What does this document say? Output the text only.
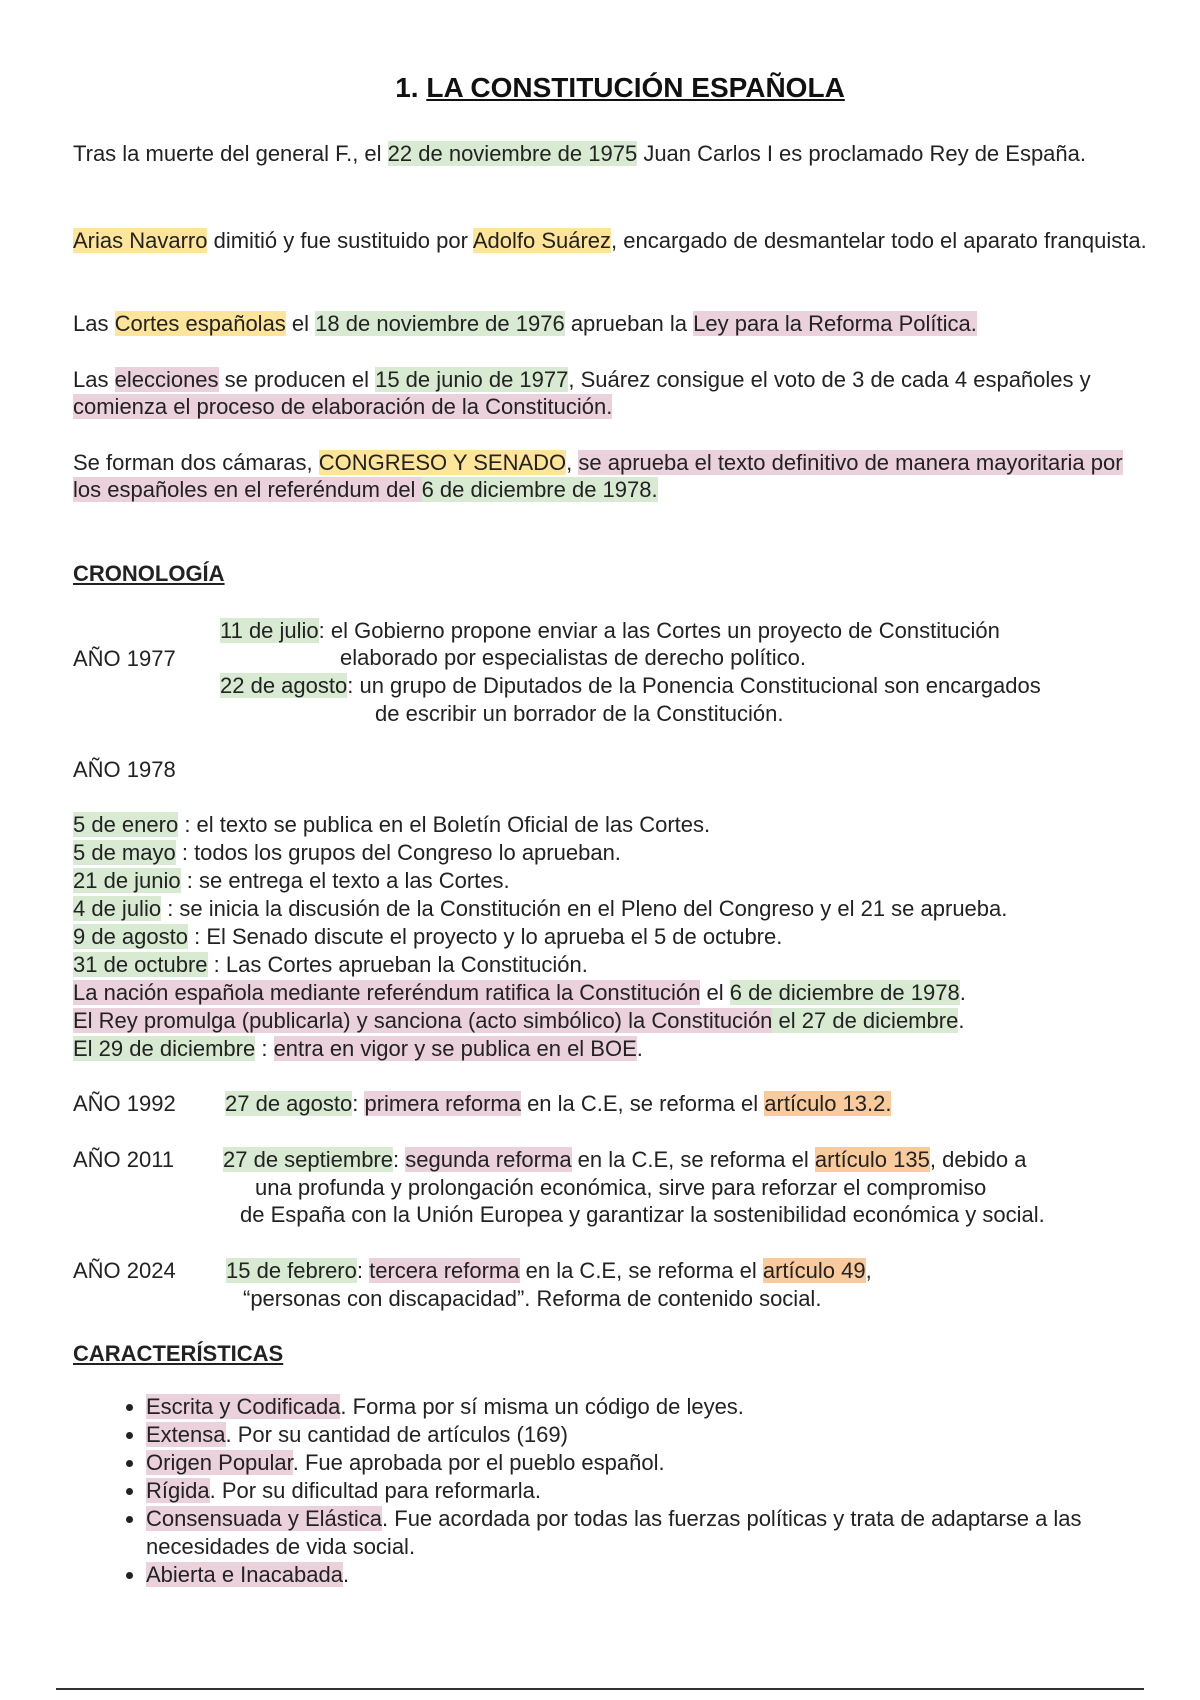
1. LA CONSTITUCIÓN ESPAÑOLA

Tras la muerte del general F., el 22 de noviembre de 1975 Juan Carlos I es proclamado Rey de España.

Arias Navarro dimitió y fue sustituido por Adolfo Suárez, encargado de desmantelar todo el aparato franquista.

Las Cortes españolas el 18 de noviembre de 1976 aprueban la Ley para la Reforma Política.

Las elecciones se producen el 15 de junio de 1977, Suárez consigue el voto de 3 de cada 4 españoles y comienza el proceso de elaboración de la Constitución.

Se forman dos cámaras, CONGRESO Y SENADO, se aprueba el texto definitivo de manera mayoritaria por los españoles en el referéndum del 6 de diciembre de 1978.

CRONOLOGÍA

AÑO 1977

11 de julio: el Gobierno propone enviar a las Cortes un proyecto de Constitución

elaborado por especialistas de derecho político.

22 de agosto: un grupo de Diputados de la Ponencia Constitucional son encargados

de escribir un borrador de la Constitución.

AÑO 1978

5 de enero : el texto se publica en el Boletín Oficial de las Cortes.

5 de mayo : todos los grupos del Congreso lo aprueban.

21 de junio : se entrega el texto a las Cortes.

4 de julio : se inicia la discusión de la Constitución en el Pleno del Congreso y el 21 se aprueba.

9 de agosto : El Senado discute el proyecto y lo aprueba el 5 de octubre.

31 de octubre : Las Cortes aprueban la Constitución.

La nación española mediante referéndum ratifica la Constitución el 6 de diciembre de 1978.

El Rey promulga (publicarla) y sanciona (acto simbólico) la Constitución el 27 de diciembre.

El 29 de diciembre : entra en vigor y se publica en el BOE.

AÑO 1992 27 de agosto: primera reforma en la C.E, se reforma el artículo 13.2.

AÑO 2011 27 de septiembre: segunda reforma en la C.E, se reforma el artículo 135, debido a

una profunda y prolongación económica, sirve para reforzar el compromiso

de España con la Unión Europea y garantizar la sostenibilidad económica y social.

AÑO 2024 15 de febrero: tercera reforma en la C.E, se reforma el artículo 49,

“personas con discapacidad”. Reforma de contenido social.

CARACTERÍSTICAS
• Escrita y Codificada. Forma por sí misma un código de leyes.
• Extensa. Por su cantidad de artículos (169)
• Origen Popular. Fue aprobada por el pueblo español.
• Rígida. Por su dificultad para reformarla.
• Consensuada y Elástica. Fue acordada por todas las fuerzas políticas y trata de adaptarse a las necesidades de vida social.
• Abierta e Inacabada.
